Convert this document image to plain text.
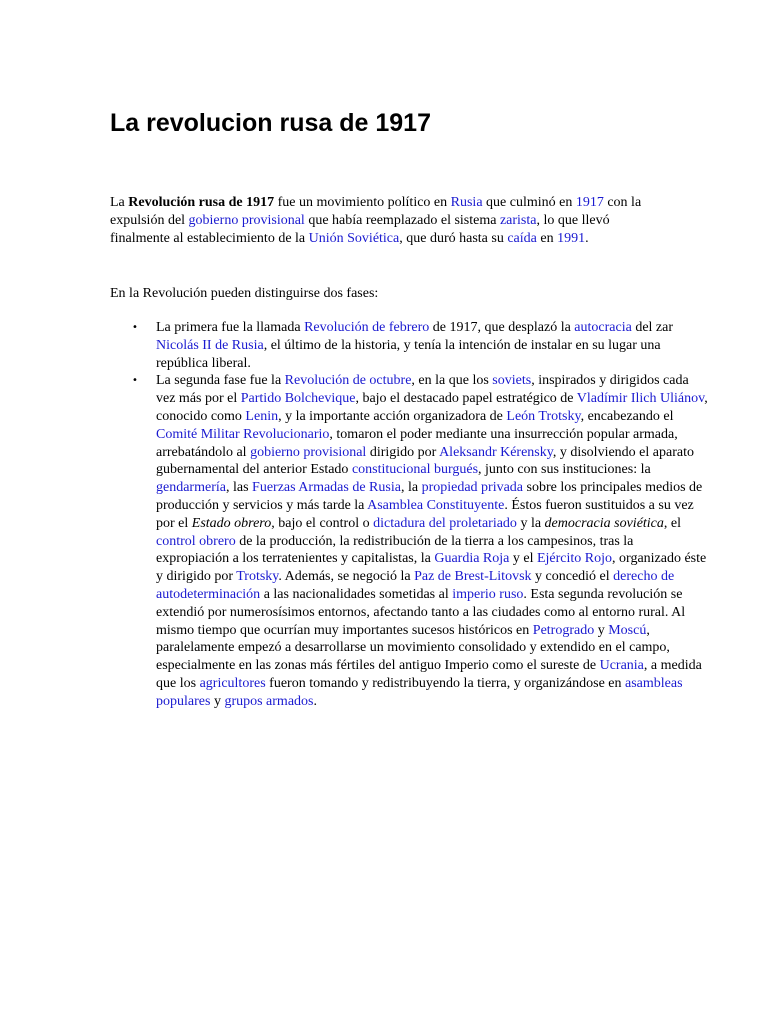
La revolucion rusa de 1917

La Revolución rusa de 1917 fue un movimiento político en Rusia que culminó en 1917 con la expulsión del gobierno provisional que había reemplazado el sistema zarista, lo que llevó finalmente al establecimiento de la Unión Soviética, que duró hasta su caída en 1991.

En la Revolución pueden distinguirse dos fases:

• La primera fue la llamada Revolución de febrero de 1917, que desplazó la autocracia del zar Nicolás II de Rusia, el último de la historia, y tenía la intención de instalar en su lugar una república liberal.
• La segunda fase fue la Revolución de octubre, en la que los soviets, inspirados y dirigidos cada vez más por el Partido Bolchevique, bajo el destacado papel estratégico de Vladímir Ilich Uliánov, conocido como Lenin, y la importante acción organizadora de León Trotsky, encabezando el Comité Militar Revolucionario, tomaron el poder mediante una insurrección popular armada, arrebatándolo al gobierno provisional dirigido por Aleksandr Kérensky, y disolviendo el aparato gubernamental del anterior Estado constitucional burgués, junto con sus instituciones: la gendarmería, las Fuerzas Armadas de Rusia, la propiedad privada sobre los principales medios de producción y servicios y más tarde la Asamblea Constituyente. Éstos fueron sustituidos a su vez por el Estado obrero, bajo el control o dictadura del proletariado y la democracia soviética, el control obrero de la producción, la redistribución de la tierra a los campesinos, tras la expropiación a los terratenientes y capitalistas, la Guardia Roja y el Ejército Rojo, organizado éste y dirigido por Trotsky. Además, se negoció la Paz de Brest-Litovsk y concedió el derecho de autodeterminación a las nacionalidades sometidas al imperio ruso. Esta segunda revolución se extendió por numerosísimos entornos, afectando tanto a las ciudades como al entorno rural. Al mismo tiempo que ocurrían muy importantes sucesos históricos en Petrogrado y Moscú, paralelamente empezó a desarrollarse un movimiento consolidado y extendido en el campo, especialmente en las zonas más fértiles del antiguo Imperio como el sureste de Ucrania, a medida que los agricultores fueron tomando y redistribuyendo la tierra, y organizándose en asambleas populares y grupos armados.
